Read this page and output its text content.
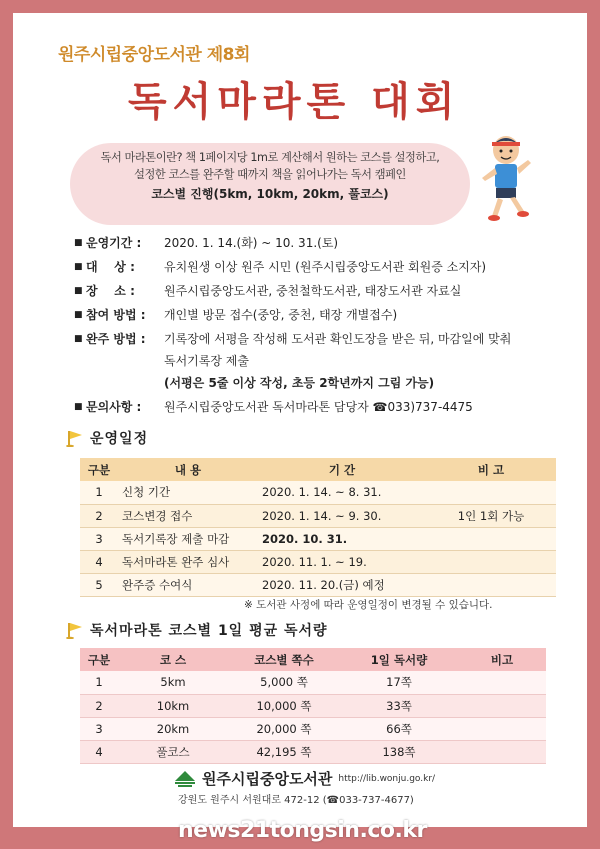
원주시립중앙도서관 제8회
독서마라톤 대회
독서 마라톤이란? 책 1페이지당 1m로 계산해서 원하는 코스를 설정하고,
설정한 코스를 완주할 때까지 책을 읽어나가는 독서 캠페인
코스별 진행(5km, 10km, 20km, 풀코스)
■ 운영기간 :	2020. 1. 14.(화) ~ 10. 31.(토)
■ 대    상 :	유치원생 이상 원주 시민 (원주시립중앙도서관 회원증 소지자)
■ 장    소 :	원주시립중앙도서관, 중천철학도서관, 태장도서관 자료실
■ 참여 방법 :	개인별 방문 접수(중앙, 중천, 태장 개별접수)
■ 완주 방법 :	기록장에 서평을 작성해 도서관 확인도장을 받은 뒤, 마감일에 맞춰
독서기록장 제출
(서평은 5줄 이상 작성, 초등 2학년까지 그림 가능)
■ 문의사항 :	원주시립중앙도서관 독서마라톤 담당자 ☎033)737-4475
운영일정
구분	내 용	기 간	비 고
1	신청 기간	2020. 1. 14. ~ 8. 31.	
2	코스변경 접수	2020. 1. 14. ~ 9. 30.	1인 1회 가능
3	독서기록장 제출 마감	2020. 10. 31.	
4	독서마라톤 완주 심사	2020. 11. 1. ~ 19.	
5	완주증 수여식	2020. 11. 20.(금) 예정	
※ 도서관 사정에 따라 운영일정이 변경될 수 있습니다.
독서마라톤 코스별 1일 평균 독서량
구분	코 스	코스별 쪽수	1일 독서량	비고
1	5km	5,000 쪽	17쪽	
2	10km	10,000 쪽	33쪽	
3	20km	20,000 쪽	66쪽	
4	풀코스	42,195 쪽	138쪽	
원주시립중앙도서관 http://lib.wonju.go.kr/
강원도 원주시 서원대로 472-12 (☎033-737-4677)
news21tongsin.co.kr
